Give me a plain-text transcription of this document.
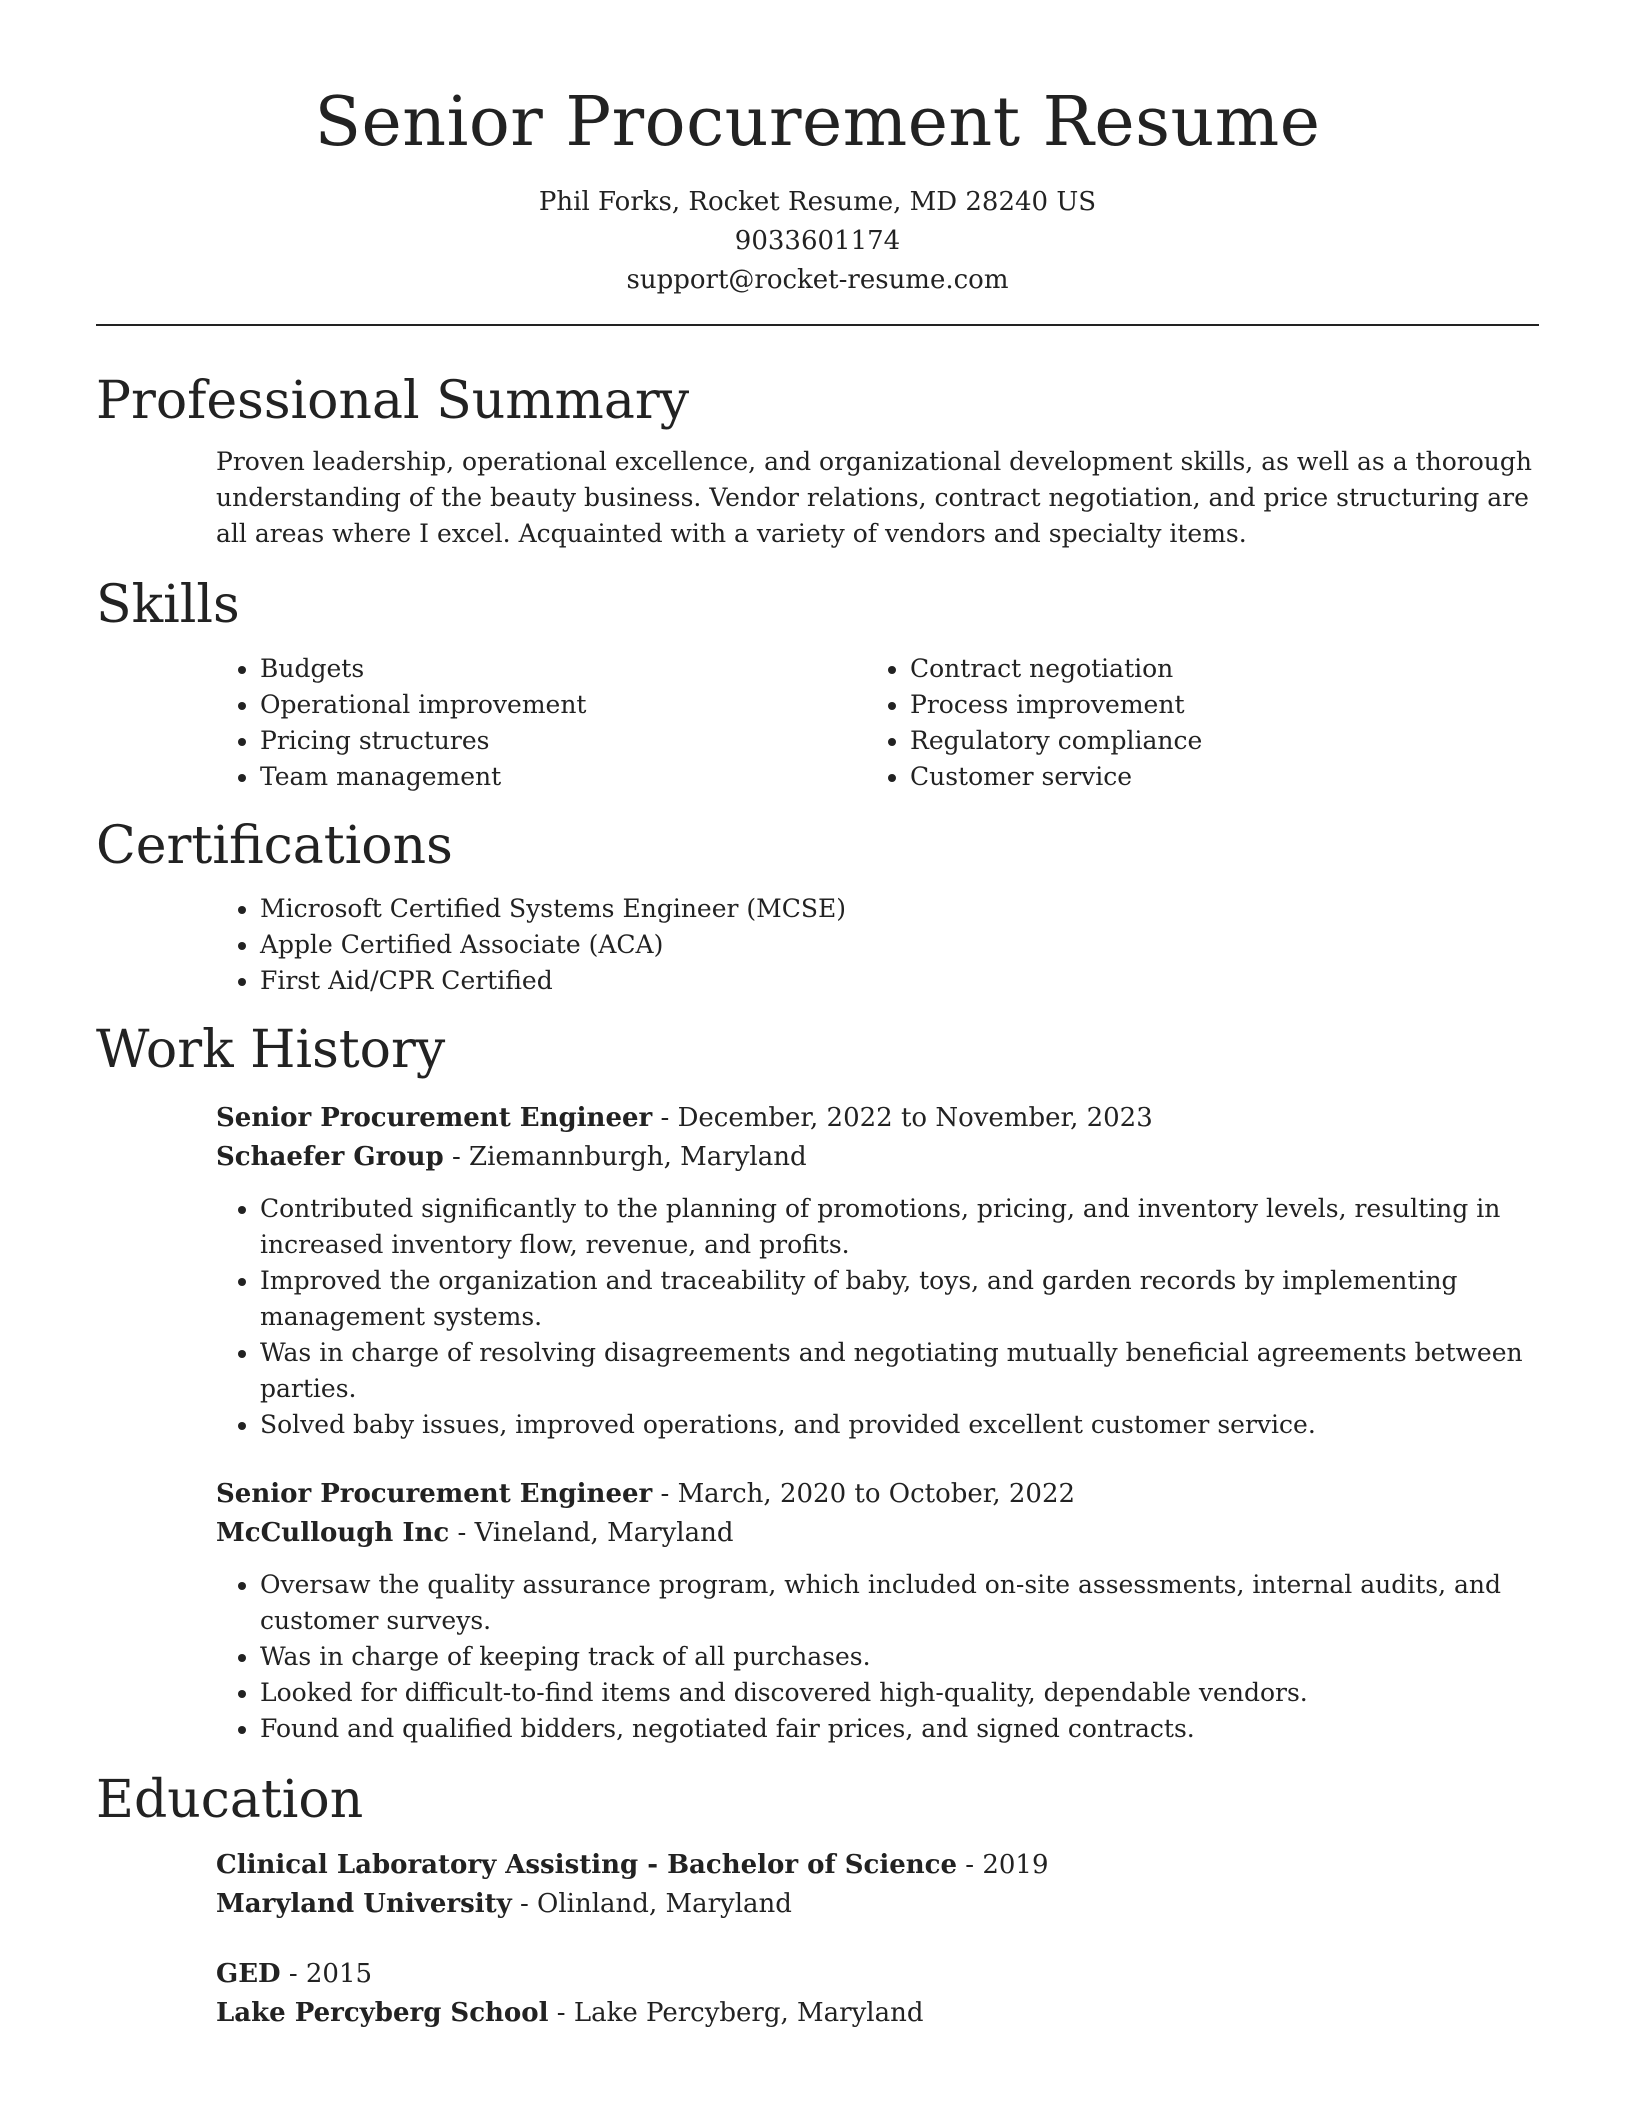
Senior Procurement Resume
Phil Forks, Rocket Resume, MD 28240 US
9033601174
support@rocket-resume.com
Professional Summary
Proven leadership, operational excellence, and organizational development skills, as well as a thorough understanding of the beauty business. Vendor relations, contract negotiation, and price structuring are all areas where I excel. Acquainted with a variety of vendors and specialty items.
Skills
• Budgets
• Operational improvement
• Pricing structures
• Team management
• Contract negotiation
• Process improvement
• Regulatory compliance
• Customer service
Certifications
• Microsoft Certified Systems Engineer (MCSE)
• Apple Certified Associate (ACA)
• First Aid/CPR Certified
Work History
Senior Procurement Engineer - December, 2022 to November, 2023
Schaefer Group - Ziemannburgh, Maryland
• Contributed significantly to the planning of promotions, pricing, and inventory levels, resulting in increased inventory flow, revenue, and profits.
• Improved the organization and traceability of baby, toys, and garden records by implementing management systems.
• Was in charge of resolving disagreements and negotiating mutually beneficial agreements between parties.
• Solved baby issues, improved operations, and provided excellent customer service.
Senior Procurement Engineer - March, 2020 to October, 2022
McCullough Inc - Vineland, Maryland
• Oversaw the quality assurance program, which included on-site assessments, internal audits, and customer surveys.
• Was in charge of keeping track of all purchases.
• Looked for difficult-to-find items and discovered high-quality, dependable vendors.
• Found and qualified bidders, negotiated fair prices, and signed contracts.
Education
Clinical Laboratory Assisting - Bachelor of Science - 2019
Maryland University - Olinland, Maryland
GED - 2015
Lake Percyberg School - Lake Percyberg, Maryland
